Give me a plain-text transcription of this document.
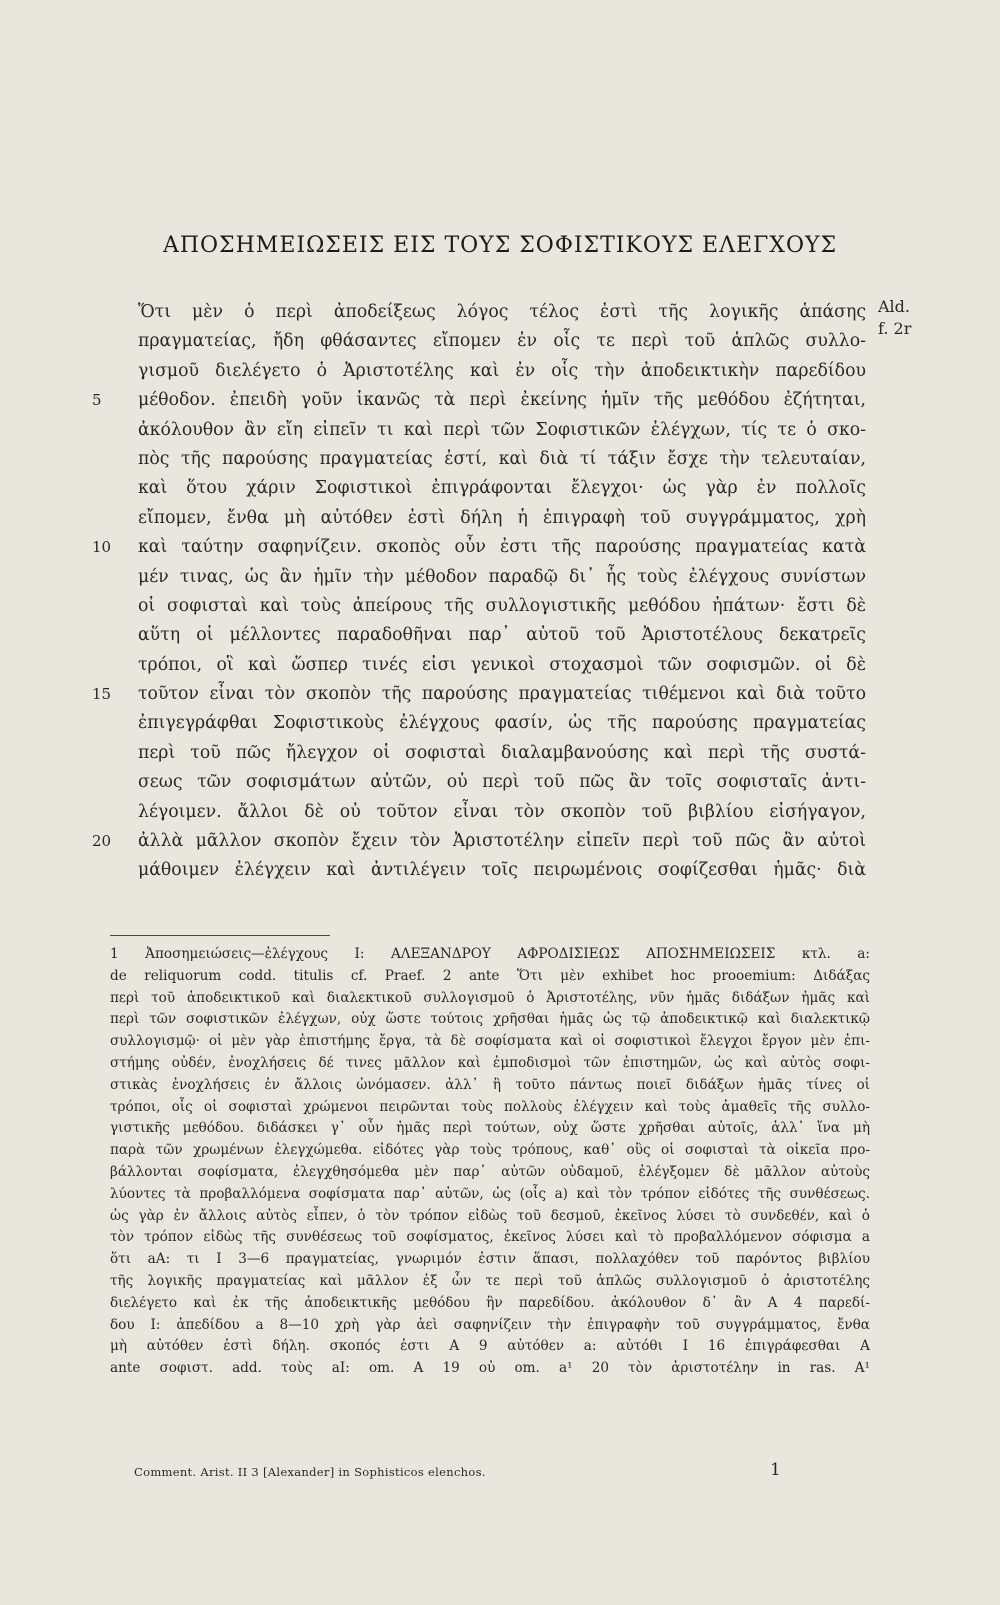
ΑΠΟΣΗΜΕΙΩΣΕΙΣ ΕΙΣ ΤΟΥΣ ΣΟΦΙΣΤΙΚΟΥΣ ΕΛΕΓΧΟΥΣ
Ald.
f. 2r
Ὅτι μὲν ὁ περὶ ἀποδείξεως λόγος τέλος ἐστὶ τῆς λογικῆς ἁπάσης
πραγματείας, ἤδη φθάσαντες εἴπομεν ἐν οἷς τε περὶ τοῦ ἁπλῶς συλλο-
γισμοῦ διελέγετο ὁ Ἀριστοτέλης καὶ ἐν οἷς τὴν ἀποδεικτικὴν παρεδίδου
5	μέθοδον. ἐπειδὴ γοῦν ἱκανῶς τὰ περὶ ἐκείνης ἡμῖν τῆς μεθόδου ἐζήτηται,
ἀκόλουθον ἂν εἴη εἰπεῖν τι καὶ περὶ τῶν Σοφιστικῶν ἐλέγχων, τίς τε ὁ σκο-
πὸς τῆς παρούσης πραγματείας ἐστί, καὶ διὰ τί τάξιν ἔσχε τὴν τελευταίαν,
καὶ ὅτου χάριν Σοφιστικοὶ ἐπιγράφονται ἔλεγχοι· ὡς γὰρ ἐν πολλοῖς
εἴπομεν, ἔνθα μὴ αὐτόθεν ἐστὶ δήλη ἡ ἐπιγραφὴ τοῦ συγγράμματος, χρὴ
10	καὶ ταύτην σαφηνίζειν. σκοπὸς οὖν ἐστι τῆς παρούσης πραγματείας κατὰ
μέν τινας, ὡς ἂν ἡμῖν τὴν μέθοδον παραδῷ δι᾽ ἧς τοὺς ἐλέγχους συνίστων
οἱ σοφισταὶ καὶ τοὺς ἀπείρους τῆς συλλογιστικῆς μεθόδου ἠπάτων· ἔστι δὲ
αὕτη οἱ μέλλοντες παραδοθῆναι παρ᾽ αὐτοῦ τοῦ Ἀριστοτέλους δεκατρεῖς
τρόποι, οἳ καὶ ὥσπερ τινές εἰσι γενικοὶ στοχασμοὶ τῶν σοφισμῶν. οἱ δὲ
15	τοῦτον εἶναι τὸν σκοπὸν τῆς παρούσης πραγματείας τιθέμενοι καὶ διὰ τοῦτο
ἐπιγεγράφθαι Σοφιστικοὺς ἐλέγχους φασίν, ὡς τῆς παρούσης πραγματείας
περὶ τοῦ πῶς ἤλεγχον οἱ σοφισταὶ διαλαμβανούσης καὶ περὶ τῆς συστά-
σεως τῶν σοφισμάτων αὐτῶν, οὐ περὶ τοῦ πῶς ἂν τοῖς σοφισταῖς ἀντι-
λέγοιμεν. ἄλλοι δὲ οὐ τοῦτον εἶναι τὸν σκοπὸν τοῦ βιβλίου εἰσήγαγον,
20	ἀλλὰ μᾶλλον σκοπὸν ἔχειν τὸν Ἀριστοτέλην εἰπεῖν περὶ τοῦ πῶς ἂν αὐτοὶ
μάθοιμεν ἐλέγχειν καὶ ἀντιλέγειν τοῖς πειρωμένοις σοφίζεσθαι ἡμᾶς· διὰ
1 Ἀποσημειώσεις—ἐλέγχους I: ΑΛΕΞΑΝΔΡΟΥ ΑΦΡΟΔΙΣΙΕΩΣ ΑΠΟΣΗΜΕΙΩΣΕΙΣ κτλ. a:
de reliquorum codd. titulis cf. Praef. 2 ante Ὅτι μὲν exhibet hoc prooemium: Διδάξας
περὶ τοῦ ἀποδεικτικοῦ καὶ διαλεκτικοῦ συλλογισμοῦ ὁ Ἀριστοτέλης, νῦν ἡμᾶς διδάξων ἡμᾶς καὶ
περὶ τῶν σοφιστικῶν ἐλέγχων, οὐχ ὥστε τούτοις χρῆσθαι ἡμᾶς ὡς τῷ ἀποδεικτικῷ καὶ διαλεκτικῷ
συλλογισμῷ· οἱ μὲν γὰρ ἐπιστήμης ἔργα, τὰ δὲ σοφίσματα καὶ οἱ σοφιστικοὶ ἔλεγχοι ἔργον μὲν ἐπι-
στήμης οὐδέν, ἐνοχλήσεις δέ τινες μᾶλλον καὶ ἐμποδισμοὶ τῶν ἐπιστημῶν, ὡς καὶ αὐτὸς σοφι-
στικὰς ἐνοχλήσεις ἐν ἄλλοις ὠνόμασεν. ἀλλ᾽ ἢ τοῦτο πάντως ποιεῖ διδάξων ἡμᾶς τίνες οἱ
τρόποι, οἷς οἱ σοφισταὶ χρώμενοι πειρῶνται τοὺς πολλοὺς ἐλέγχειν καὶ τοὺς ἀμαθεῖς τῆς συλλο-
γιστικῆς μεθόδου. διδάσκει γ᾽ οὖν ἡμᾶς περὶ τούτων, οὐχ ὥστε χρῆσθαι αὐτοῖς, ἀλλ᾽ ἵνα μὴ
παρὰ τῶν χρωμένων ἐλεγχώμεθα. εἰδότες γὰρ τοὺς τρόπους, καθ᾽ οὓς οἱ σοφισταὶ τὰ οἰκεῖα προ-
βάλλονται σοφίσματα, ἐλεγχθησόμεθα μὲν παρ᾽ αὐτῶν οὐδαμοῦ, ἐλέγξομεν δὲ μᾶλλον αὐτοὺς
λύοντες τὰ προβαλλόμενα σοφίσματα παρ᾽ αὐτῶν, ὡς (οἷς a) καὶ τὸν τρόπον εἰδότες τῆς συνθέσεως.
ὡς γὰρ ἐν ἄλλοις αὐτὸς εἶπεν, ὁ τὸν τρόπον εἰδὼς τοῦ δεσμοῦ, ἐκεῖνος λύσει τὸ συνδεθέν, καὶ ὁ
τὸν τρόπον εἰδὼς τῆς συνθέσεως τοῦ σοφίσματος, ἐκεῖνος λύσει καὶ τὸ προβαλλόμενον σόφισμα a
ὅτι aA: τι I 3—6 πραγματείας, γνωριμόν ἐστιν ἅπασι, πολλαχόθεν τοῦ παρόντος βιβλίου
τῆς λογικῆς πραγματείας καὶ μᾶλλον ἐξ ὧν τε περὶ τοῦ ἁπλῶς συλλογισμοῦ ὁ ἀριστοτέλης
διελέγετο καὶ ἐκ τῆς ἀποδεικτικῆς μεθόδου ἣν παρεδίδου. ἀκόλουθον δ᾽ ἂν A 4 παρεδί-
δου I: ἀπεδίδου a 8—10 χρὴ γὰρ ἀεὶ σαφηνίζειν τὴν ἐπιγραφὴν τοῦ συγγράμματος, ἔνθα
μὴ αὐτόθεν ἐστὶ δήλη. σκοπός ἐστι A 9 αὐτόθεν a: αὐτόθι I 16 ἐπιγράφεσθαι A
ante σοφιστ. add. τοὺς aI: om. A 19 οὐ om. a¹ 20 τὸν ἀριστοτέλην in ras. A¹
Comment. Arist. II 3 [Alexander] in Sophisticos elenchos.	1
